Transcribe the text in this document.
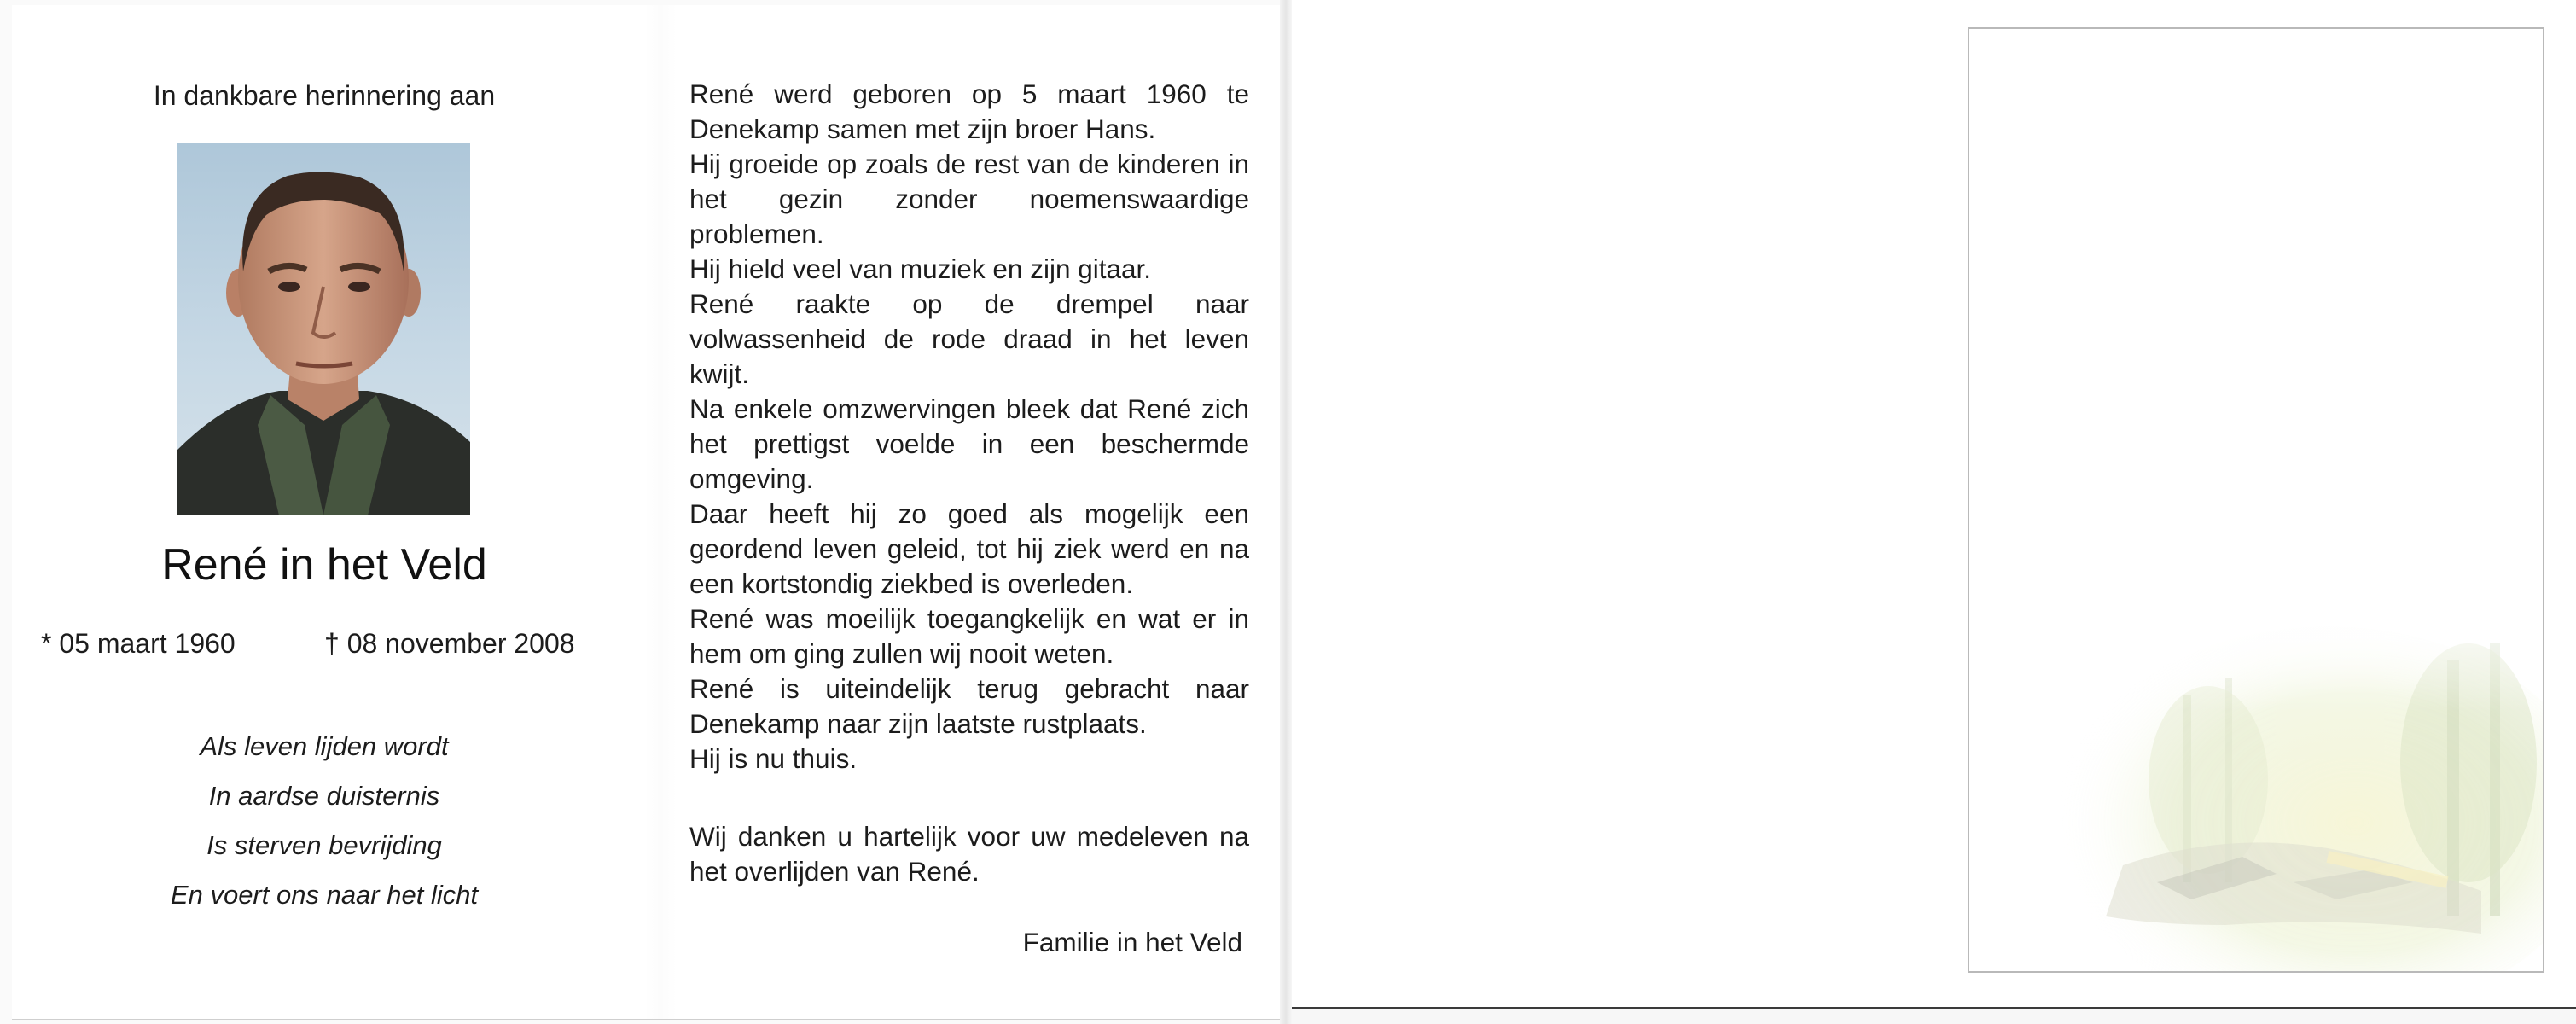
In dankbare herinnering aan
René in het Veld
* 05 maart 1960	† 08 november 2008
Als leven lijden wordt
In aardse duisternis
Is sterven bevrijding
En voert ons naar het licht

René werd geboren op 5 maart 1960 te Denekamp samen met zijn broer Hans.

Hij groeide op zoals de rest van de kinderen in het gezin zonder noemenswaardige problemen.

Hij hield veel van muziek en zijn gitaar.

René raakte op de drempel naar volwassenheid de rode draad in het leven kwijt.

Na enkele omzwervingen bleek dat René zich het prettigst voelde in een beschermde omgeving.

Daar heeft hij zo goed als mogelijk een geordend leven geleid, tot hij ziek werd en na een kortstondig ziekbed is overleden.

René was moeilijk toegangkelijk en wat er in hem om ging zullen wij nooit weten.

René is uiteindelijk terug gebracht naar Denekamp naar zijn laatste rustplaats.

Hij is nu thuis.

Wij danken u hartelijk voor uw medeleven na het overlijden van René.
Familie in het Veld
